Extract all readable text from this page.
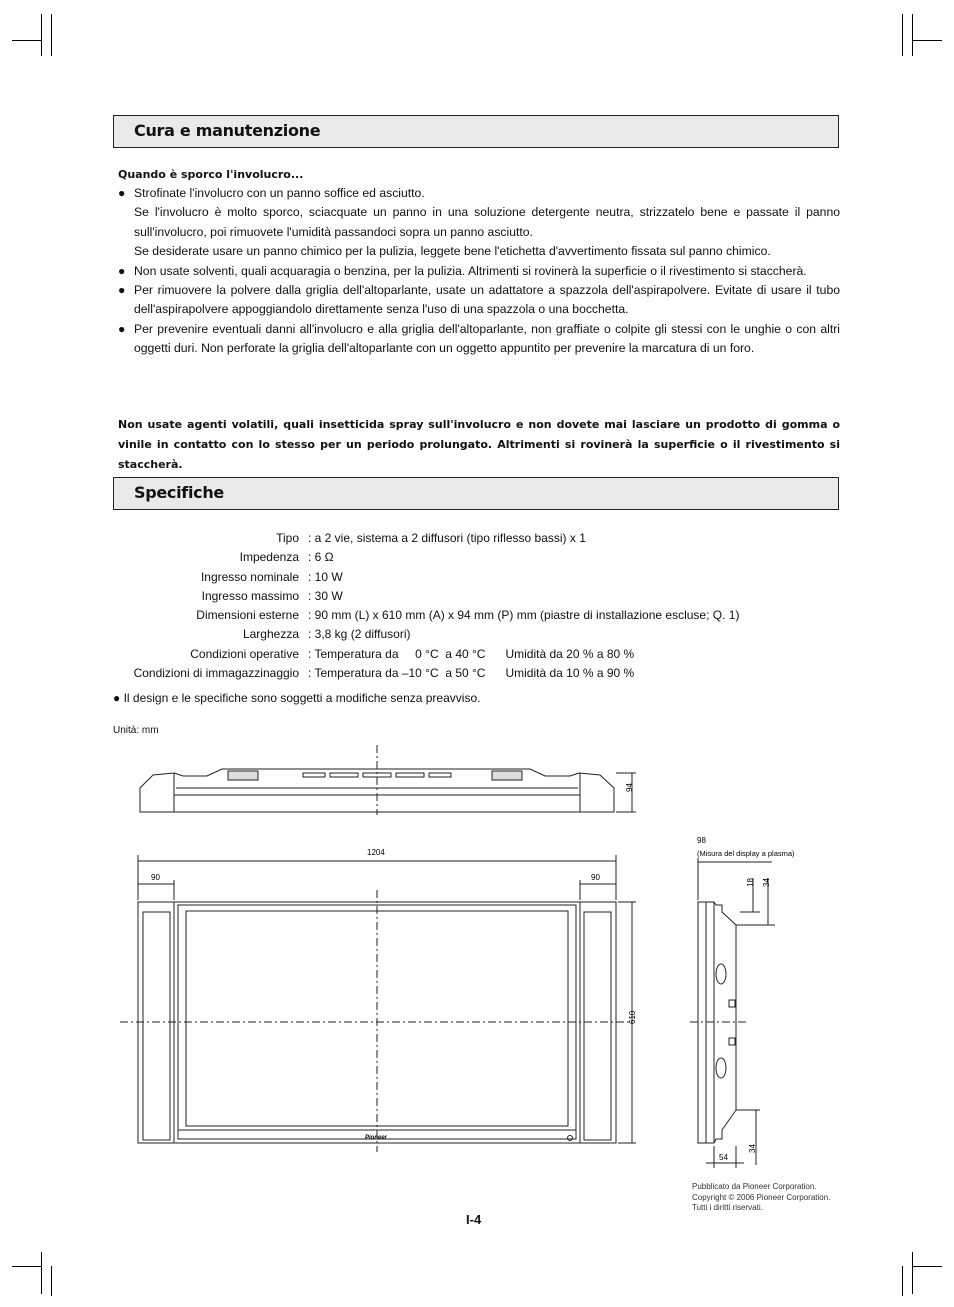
Cura e manutenzione
Quando è sporco l'involucro...
● Strofinate l'involucro con un panno soffice ed asciutto.
Se l'involucro è molto sporco, sciacquate un panno in una soluzione detergente neutra, strizzatelo bene e passate il panno sull'involucro, poi rimuovete l'umidità passandoci sopra un panno asciutto.
Se desiderate usare un panno chimico per la pulizia, leggete bene l'etichetta d'avvertimento fissata sul panno chimico.
● Non usate solventi, quali acquaragia o benzina, per la pulizia. Altrimenti si rovinerà la superficie o il rivestimento si staccherà.
● Per rimuovere la polvere dalla griglia dell'altoparlante, usate un adattatore a spazzola dell'aspirapolvere. Evitate di usare il tubo dell'aspirapolvere appoggiandolo direttamente senza l'uso di una spazzola o una bocchetta.
● Per prevenire eventuali danni all'involucro e alla griglia dell'altoparlante, non graffiate o colpite gli stessi con le unghie o con altri oggetti duri. Non perforate la griglia dell'altoparlante con un oggetto appuntito per prevenire la marcatura di un foro.
Non usate agenti volatili, quali insetticida spray sull'involucro e non dovete mai lasciare un prodotto di gomma o vinile in contatto con lo stesso per un periodo prolungato. Altrimenti si rovinerà la superficie o il rivestimento si staccherà.
Specifiche
Tipo : a 2 vie, sistema a 2 diffusori (tipo riflesso bassi) x 1
Impedenza : 6 Ω
Ingresso nominale : 10 W
Ingresso massimo : 30 W
Dimensioni esterne : 90 mm (L) x 610 mm (A) x 94 mm (P) mm (piastre di installazione escluse; Q. 1)
Larghezza : 3,8 kg (2 diffusori)
Condizioni operative : Temperatura da     0 °C  a 40 °C      Umidità da 20 % a 80 %
Condizioni di immagazzinaggio : Temperatura da –10 °C  a 50 °C      Umidità da 10 % a 90 %
● Il design e le specifiche sono soggetti a modifiche senza preavviso.
Unità: mm
94
1204
90	90
610
98
(Misura del display a plasma)
18 34
34
54
Pioneer
Pubblicato da Pioneer Corporation.
Copyright © 2006 Pioneer Corporation.
Tutti i diritti riservati.
I-4
